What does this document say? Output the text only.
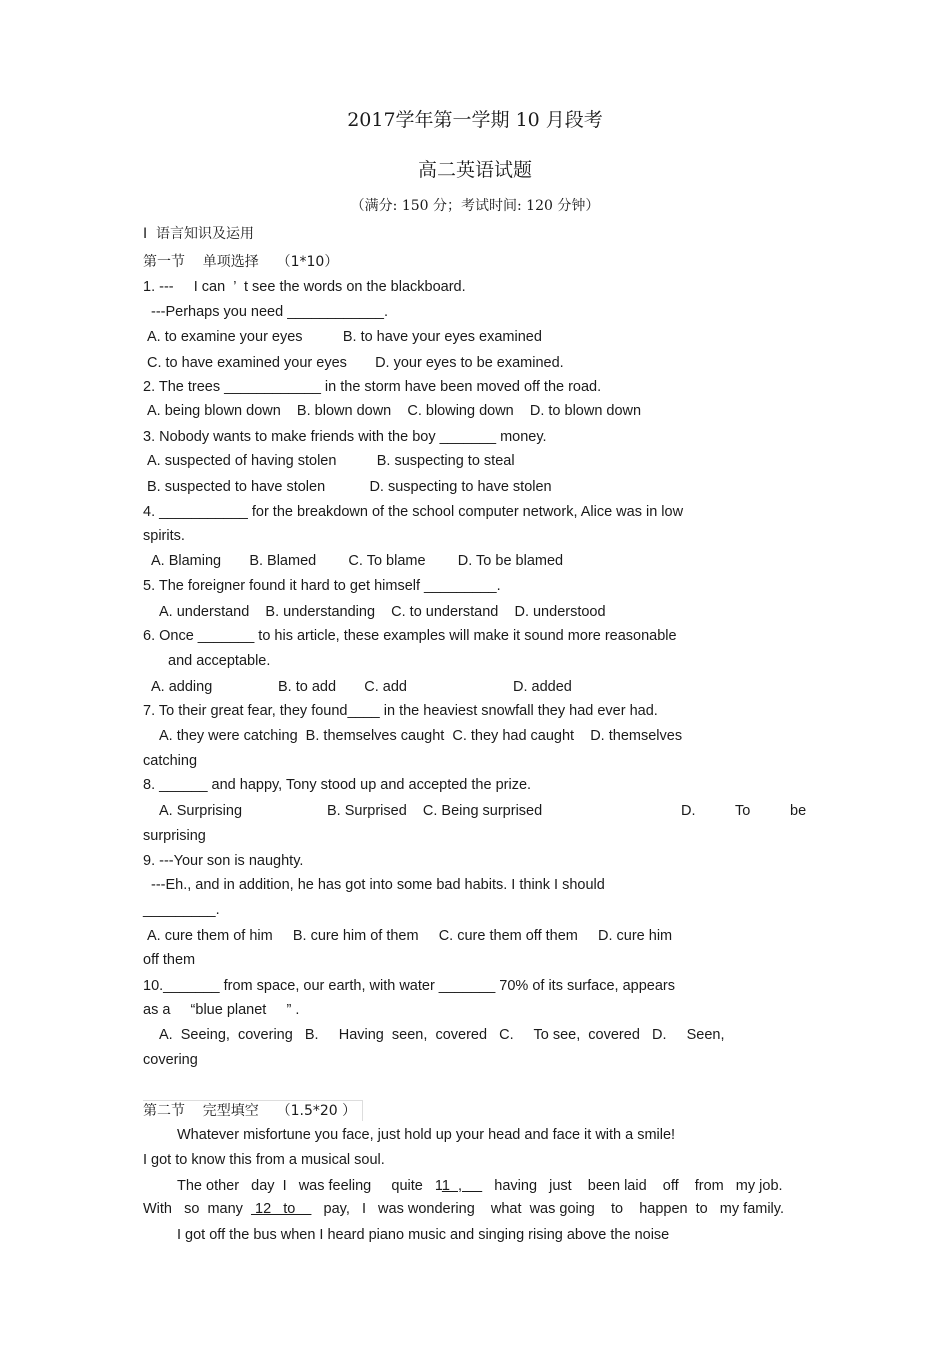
2017学年第一学期 10 月段考
高二英语试题
（满分: 150 分；考试时间: 120 分钟）
I  语言知识及运用
第一节    单项选择    （1*10）
1. ---     I can  ’  t see the words on the blackboard.
---Perhaps you need ____________.
A. to examine your eyes          B. to have your eyes examined
C. to have examined your eyes       D. your eyes to be examined.
2. The trees ____________ in the storm have been moved off the road.
A. being blown down    B. blown down    C. blowing down    D. to blown down
3. Nobody wants to make friends with the boy _______ money.
A. suspected of having stolen          B. suspecting to steal
B. suspected to have stolen           D. suspecting to have stolen
4. ___________ for the breakdown of the school computer network, Alice was in low
spirits.
A. Blaming       B. Blamed        C. To blame        D. To be blamed
5. The foreigner found it hard to get himself _________.
A. understand    B. understanding    C. to understand    D. understood
6. Once _______ to his article, these examples will make it sound more reasonable
and acceptable.
A. adding	B. to add       C. add	D. added
7. To their great fear, they found____ in the heaviest snowfall they had ever had.
A. they were catching  B. themselves caught  C. they had caught    D. themselves
catching
8. ______ and happy, Tony stood up and accepted the prize.
A. Surprising	B. Surprised    C. Being surprised	D.	To	be
surprising
9. ---Your son is naughty.
---Eh., and in addition, he has got into some bad habits. I think I should
_________.
A. cure them of him     B. cure him of them     C. cure them off them     D. cure him
off them
10._______ from space, our earth, with water _______ 70% of its surface, appears
as a     “blue planet     ” .
A.  Seeing,  covering   B.     Having  seen,  covered   C.     To see,  covered   D.     Seen,
covering
第二节    完型填空    （1.5*20 ）
Whatever misfortune you face, just hold up your head and face it with a smile!
I got to know this from a musical soul.
The other   day  I   was feeling     quite   11  ,        having   just    been laid    off    from   my job.
With   so  many   12   to       pay,   I   was wondering    what  was going    to    happen  to   my family.
I got off the bus when I heard piano music and singing rising above the noise
